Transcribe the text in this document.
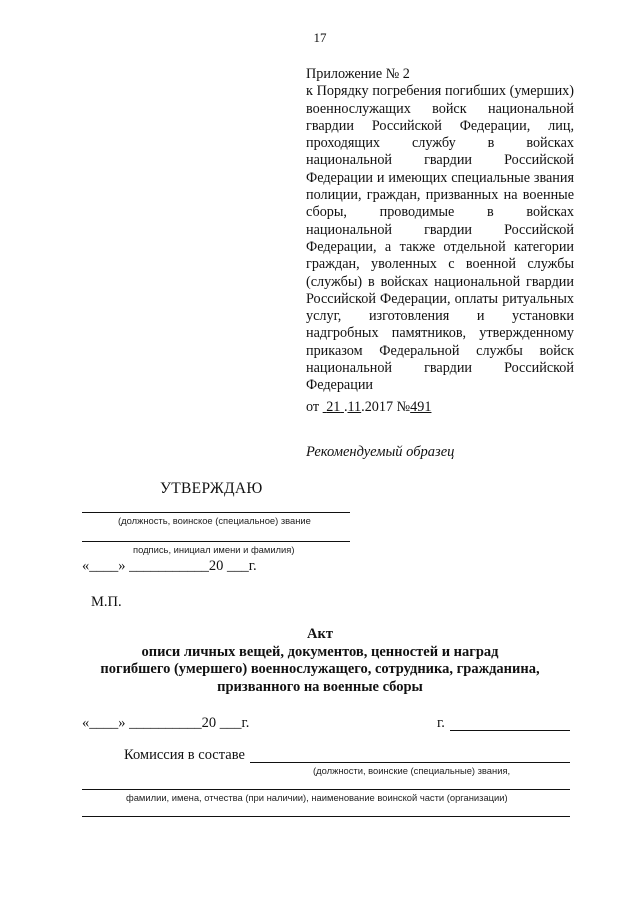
17
Приложение № 2
к Порядку погребения погибших (умерших) военнослужащих войск национальной гвардии Российской Федерации, лиц, проходящих службу в войсках национальной гвардии Российской Федерации и имеющих специальные звания полиции, граждан, призванных на военные сборы, проводимые в войсках национальной гвардии Российской Федерации, а также отдельной категории граждан, уволенных с военной службы (службы) в войсках национальной гвардии Российской Федерации, оплаты ритуальных услуг, изготовления и установки надгробных памятников, утвержденному приказом Федеральной службы войск национальной гвардии Российской Федерации
от 21 .11.2017 №491
Рекомендуемый образец
УТВЕРЖДАЮ
(должность, воинское (специальное) звание
подпись, инициал имени и фамилия)
«____» ___________20 ___г.
М.П.
Акт
описи личных вещей, документов, ценностей и наград
погибшего (умершего) военнослужащего, сотрудника, гражданина,
призванного на военные сборы
«____» __________20 ___г.	г.
Комиссия в составе
(должности, воинские (специальные) звания,
фамилии, имена, отчества (при наличии), наименование воинской части (организации)
